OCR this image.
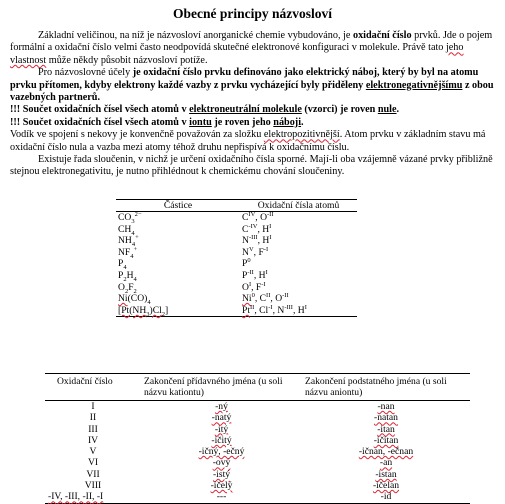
Obecné principy názvosloví

Základní veličinou, na níž je názvosloví anorganické chemie vybudováno, je oxidační číslo prvků. Jde o pojem formální a oxidační číslo velmi často neodpovídá skutečné elektronové konfiguraci v molekule. Právě tato jeho vlastnost může někdy působit názvosloví potíže.

Pro názvoslovné účely je oxidační číslo prvku definováno jako elektrický náboj, který by byl na atomu prvku přítomen, kdyby elektrony každé vazby z prvku vycházející byly přiděleny elektronegativnějšímu z obou vazebných partnerů.

!!! Součet oxidačních čísel všech atomů v elektroneutrální molekule (vzorci) je roven nule.

!!! Součet oxidačních čísel všech atomů v iontu je roven jeho náboji.

Vodík ve spojení s nekovy je konvenčně považován za složku elektropozitivnější. Atom prvku v základním stavu má oxidační číslo nula a vazba mezi atomy téhož druhu nepřispívá k oxidačnímu číslu.

Existuje řada sloučenin, v nichž je určení oxidačního čísla sporné. Mají-li oba vzájemně vázané prvky přibližně stejnou elektronegativitu, je nutno přihlédnout k chemickému chování sloučeniny.

Částice	Oxidační čísla atomů
$CO_3^{2-}$	$C^{IV}$, $O^{-II}$
$CH_4$	$C^{-IV}$, $H^I$
$NH_4^+$	$N^{-III}$, $H^I$
$NF_4^+$	$N^V$, $F^{-I}$
$P_4$	$P^0$
$P_2H_4$	$P^{-II}$, $H^I$
$O_2F_2$	$O^I$, $F^{-I}$
$Ni(CO)_4$	Ni$^0$, $C^{II}$, $O^{-II}$
$[Pt(NH_3)Cl_2]$	$Pt^{II}$, $Cl^{-I}$, $N^{-III}$, $H^I$
Oxidační číslo	Zakončení přídavného jména (u soli názvu kationtu)	Zakončení podstatného jména (u soli názvu aniontu)
I	-ný	-nan
II	-natý	-natan
III	-itý	-itan
IV	-ičitý	-ičitan
V	-ičný, -ečný	-ičnan, -ečnan
VI	-ový	-an
VII	-istý	-istan
VIII	-ičelý	-ičelan
-IV, -III, -II, -I	---	-id
